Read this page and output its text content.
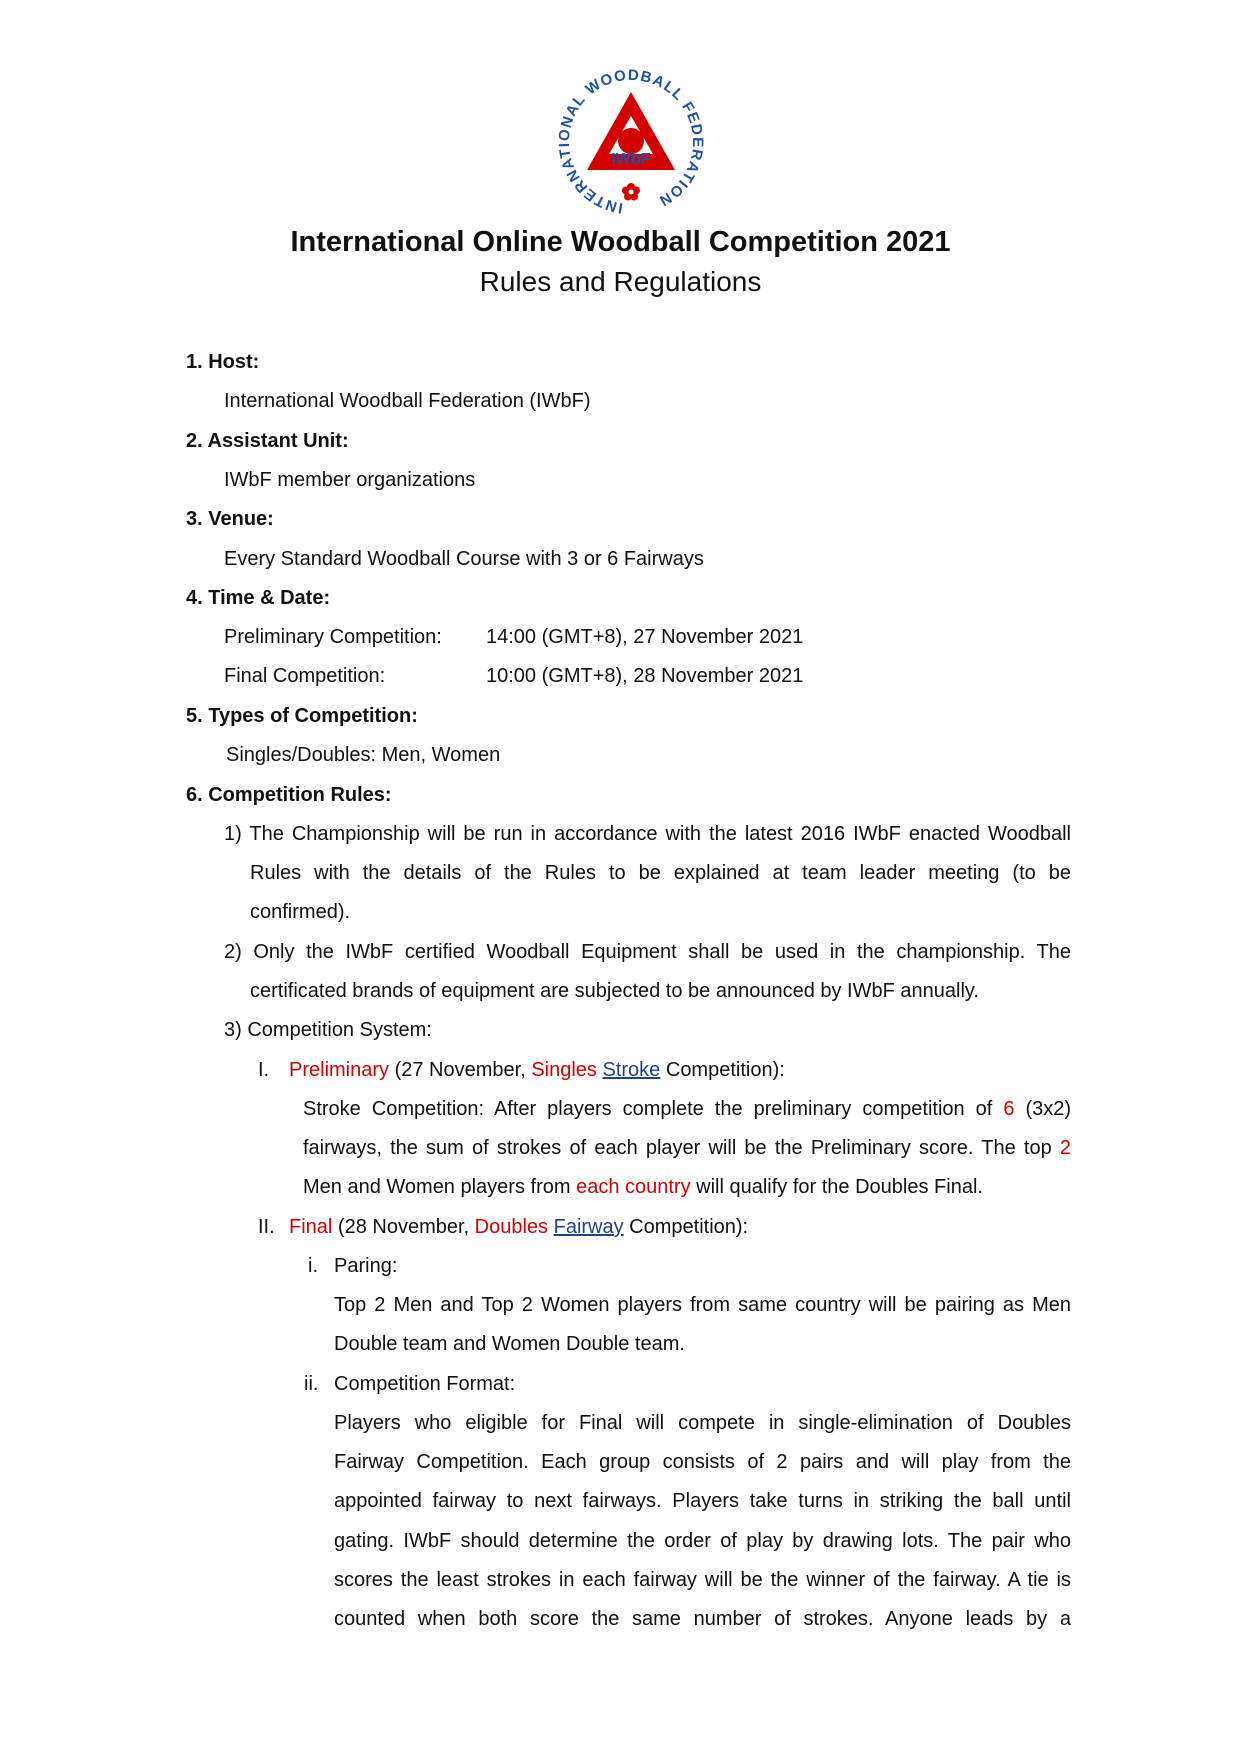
INTERNATIONAL WOODBALL FEDERATION
IWbF
International Online Woodball Competition 2021
Rules and Regulations
1. Host:
International Woodball Federation (IWbF)
2. Assistant Unit:
IWbF member organizations
3. Venue:
Every Standard Woodball Course with 3 or 6 Fairways
4. Time & Date:
Preliminary Competition: 14:00 (GMT+8), 27 November 2021
Final Competition:	10:00 (GMT+8), 28 November 2021
5. Types of Competition:
Singles/Doubles: Men, Women
6. Competition Rules:
1) The Championship will be run in accordance with the latest 2016 IWbF enacted Woodball
Rules with the details of the Rules to be explained at team leader meeting (to be
confirmed).
2) Only the IWbF certified Woodball Equipment shall be used in the championship. The
certificated brands of equipment are subjected to be announced by IWbF annually.
3) Competition System:
I. Preliminary (27 November, Singles Stroke Competition):
Stroke Competition: After players complete the preliminary competition of 6 (3x2)
fairways, the sum of strokes of each player will be the Preliminary score. The top 2
Men and Women players from each country will qualify for the Doubles Final.
II. Final (28 November, Doubles Fairway Competition):
i. Paring:
Top 2 Men and Top 2 Women players from same country will be pairing as Men
Double team and Women Double team.
ii. Competition Format:
Players who eligible for Final will compete in single-elimination of Doubles
Fairway Competition. Each group consists of 2 pairs and will play from the
appointed fairway to next fairways. Players take turns in striking the ball until
gating. IWbF should determine the order of play by drawing lots. The pair who
scores the least strokes in each fairway will be the winner of the fairway. A tie is
counted when both score the same number of strokes. Anyone leads by a
